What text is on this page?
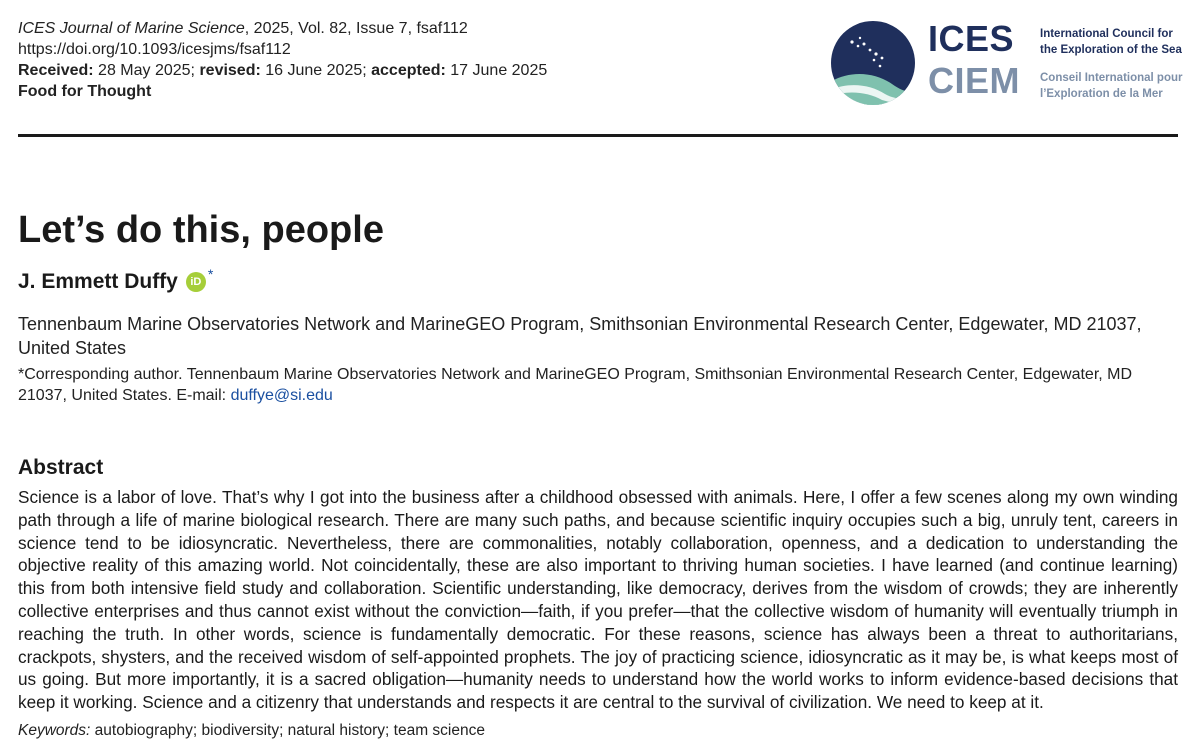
ICES Journal of Marine Science, 2025, Vol. 82, Issue 7, fsaf112
https://doi.org/10.1093/icesjms/fsaf112
Received: 28 May 2025; revised: 16 June 2025; accepted: 17 June 2025
Food for Thought
ICES
CIEM
International Council for the Exploration of the Sea
Conseil International pour l’Exploration de la Mer
Let’s do this, people
J. Emmett Duffy	iD *
Tennenbaum Marine Observatories Network and MarineGEO Program, Smithsonian Environmental Research Center, Edgewater, MD 21037, United States
*Corresponding author. Tennenbaum Marine Observatories Network and MarineGEO Program, Smithsonian Environmental Research Center, Edgewater, MD 21037, United States. E-mail: duffye@si.edu
Abstract

Science is a labor of love. That’s why I got into the business after a childhood obsessed with animals. Here, I offer a few scenes along my own winding path through a life of marine biological research. There are many such paths, and because scientific inquiry occupies such a big, unruly tent, careers in science tend to be idiosyncratic. Nevertheless, there are commonalities, notably collaboration, openness, and a dedication to understanding the objective reality of this amazing world. Not coincidentally, these are also important to thriving human societies. I have learned (and continue learning) this from both intensive field study and collaboration. Scientific understanding, like democracy, derives from the wisdom of crowds; they are inherently collective enterprises and thus cannot exist without the conviction—faith, if you prefer—that the collective wisdom of humanity will eventually triumph in reaching the truth. In other words, science is fundamentally democratic. For these reasons, science has always been a threat to authoritarians, crackpots, shysters, and the received wisdom of self-appointed prophets. The joy of practicing science, idiosyncratic as it may be, is what keeps most of us going. But more importantly, it is a sacred obligation—humanity needs to understand how the world works to inform evidence-based decisions that keep it working. Science and a citizenry that understands and respects it are central to the survival of civilization. We need to keep at it.

Keywords: autobiography; biodiversity; natural history; team science
